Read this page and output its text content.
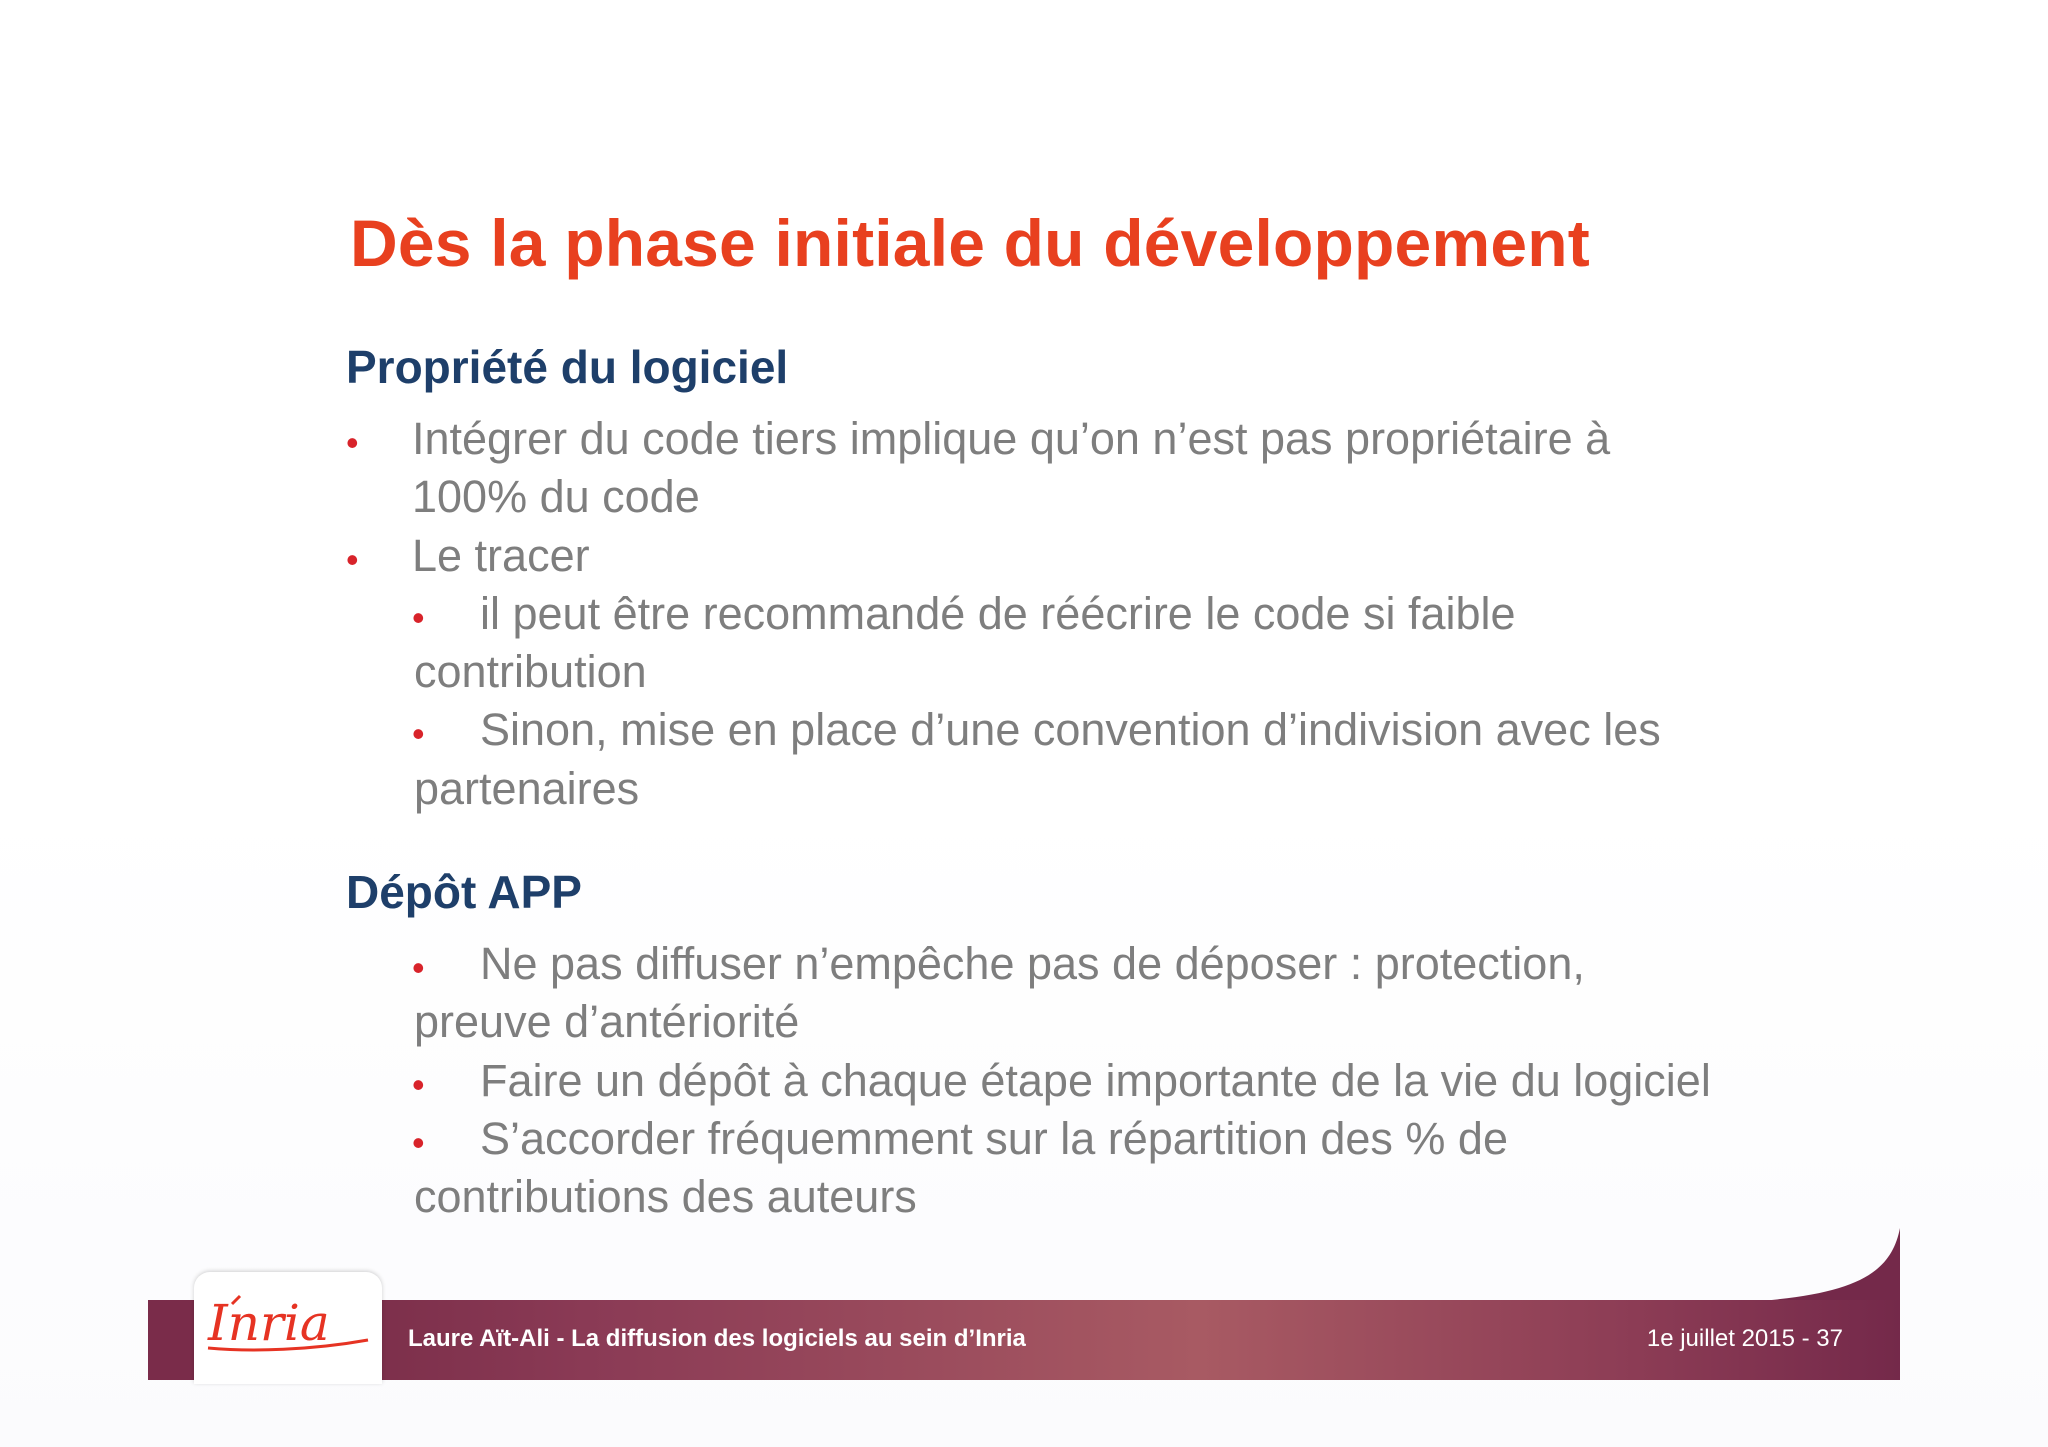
Dès la phase initiale du développement
Propriété du logiciel
• Intégrer du code tiers implique qu’on n’est pas propriétaire à
100% du code
• Le tracer
• il peut être recommandé de réécrire le code si faible
contribution
• Sinon, mise en place d’une convention d’indivision avec les
partenaires
Dépôt APP
• Ne pas diffuser n’empêche pas de déposer : protection,
preuve d’antériorité
• Faire un dépôt à chaque étape importante de la vie du logiciel
• S’accorder fréquemment sur la répartition des % de
contributions des auteurs
Inria	Laure Aït-Ali - La diffusion des logiciels au sein d’Inria	1e juillet 2015 - 37
